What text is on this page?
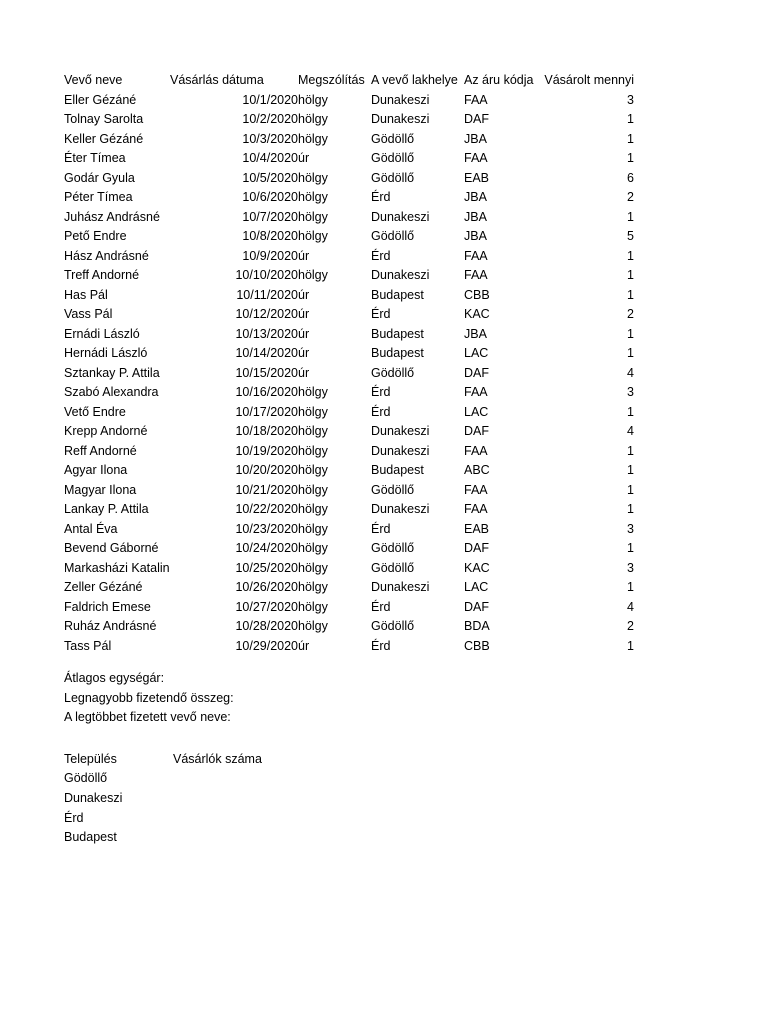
Vevő neve	Vásárlás dátuma	Megszólítás	A vevő lakhelye	Az áru kódja	Vásárolt mennyi
Eller Gézáné	10/1/2020	hölgy	Dunakeszi	FAA	3
Tolnay Sarolta	10/2/2020	hölgy	Dunakeszi	DAF	1
Keller Gézáné	10/3/2020	hölgy	Gödöllő	JBA	1
Éter Tímea	10/4/2020	úr	Gödöllő	FAA	1
Godár Gyula	10/5/2020	hölgy	Gödöllő	EAB	6
Péter Tímea	10/6/2020	hölgy	Érd	JBA	2
Juhász Andrásné	10/7/2020	hölgy	Dunakeszi	JBA	1
Pető Endre	10/8/2020	hölgy	Gödöllő	JBA	5
Hász Andrásné	10/9/2020	úr	Érd	FAA	1
Treff Andorné	10/10/2020	hölgy	Dunakeszi	FAA	1
Has Pál	10/11/2020	úr	Budapest	CBB	1
Vass Pál	10/12/2020	úr	Érd	KAC	2
Ernádi László	10/13/2020	úr	Budapest	JBA	1
Hernádi László	10/14/2020	úr	Budapest	LAC	1
Sztankay P. Attila	10/15/2020	úr	Gödöllő	DAF	4
Szabó Alexandra	10/16/2020	hölgy	Érd	FAA	3
Vető Endre	10/17/2020	hölgy	Érd	LAC	1
Krepp Andorné	10/18/2020	hölgy	Dunakeszi	DAF	4
Reff Andorné	10/19/2020	hölgy	Dunakeszi	FAA	1
Agyar Ilona	10/20/2020	hölgy	Budapest	ABC	1
Magyar Ilona	10/21/2020	hölgy	Gödöllő	FAA	1
Lankay P. Attila	10/22/2020	hölgy	Dunakeszi	FAA	1
Antal Éva	10/23/2020	hölgy	Érd	EAB	3
Bevend Gáborné	10/24/2020	hölgy	Gödöllő	DAF	1
Markasházi Katalin	10/25/2020	hölgy	Gödöllő	KAC	3
Zeller Gézáné	10/26/2020	hölgy	Dunakeszi	LAC	1
Faldrich Emese	10/27/2020	hölgy	Érd	DAF	4
Ruház Andrásné	10/28/2020	hölgy	Gödöllő	BDA	2
Tass Pál	10/29/2020	úr	Érd	CBB	1
Átlagos egységár:
Legnagyobb fizetendő összeg:
A legtöbbet fizetett vevő neve:
Település	Vásárlók száma
Gödöllő	
Dunakeszi	
Érd	
Budapest	
